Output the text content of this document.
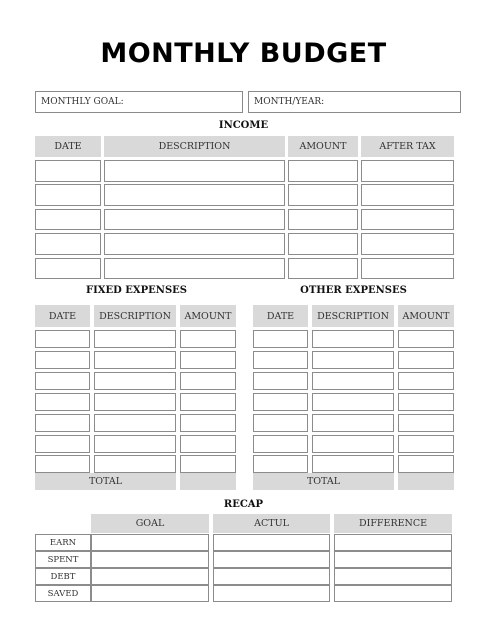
MONTHLY BUDGET
MONTHLY GOAL:	MONTH/YEAR:
INCOME
DATE	DESCRIPTION	AMOUNT	AFTER TAX
FIXED EXPENSES	OTHER EXPENSES
DATE	DESCRIPTION	AMOUNT
TOTAL
DATE	DESCRIPTION	AMOUNT
TOTAL
RECAP
GOAL	ACTUL	DIFFERENCE
EARN
SPENT
DEBT
SAVED
